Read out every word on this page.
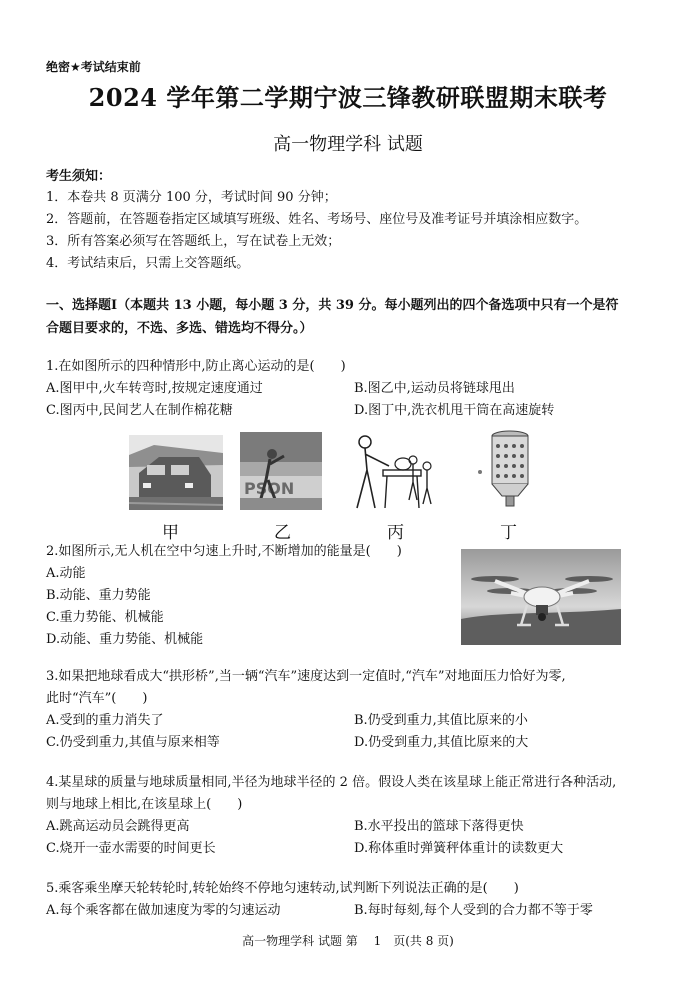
绝密★考试结束前
2024 学年第二学期宁波三锋教研联盟期末联考
高一物理学科 试题
考生须知：
1．本卷共 8 页满分 100 分，考试时间 90 分钟；
2．答题前，在答题卷指定区域填写班级、姓名、考场号、座位号及准考证号并填涂相应数字。
3．所有答案必须写在答题纸上，写在试卷上无效；
4．考试结束后，只需上交答题纸。
一、选择题Ⅰ（本题共 13 小题，每小题 3 分，共 39 分。每小题列出的四个备选项中只有一个是符
合题目要求的，不选、多选、错选均不得分。）
1.在如图所示的四种情形中,防止离心运动的是(　　)
A.图甲中,火车转弯时,按规定速度通过	B.图乙中,运动员将链球甩出
C.图丙中,民间艺人在制作棉花糖	D.图丁中,洗衣机甩干筒在高速旋转
PSON
甲	乙	丙	丁
2.如图所示,无人机在空中匀速上升时,不断增加的能量是(　　)
A.动能
B.动能、重力势能
C.重力势能、机械能
D.动能、重力势能、机械能
3.如果把地球看成大“拱形桥”,当一辆“汽车”速度达到一定值时,“汽车”对地面压力恰好为零,
此时“汽车”(　　)
A.受到的重力消失了	B.仍受到重力,其值比原来的小
C.仍受到重力,其值与原来相等	D.仍受到重力,其值比原来的大
4.某星球的质量与地球质量相同,半径为地球半径的 2 倍。假设人类在该星球上能正常进行各种活动,
则与地球上相比,在该星球上(　　)
A.跳高运动员会跳得更高	B.水平投出的篮球下落得更快
C.烧开一壶水需要的时间更长	D.称体重时弹簧秤体重计的读数更大
5.乘客乘坐摩天轮转轮时,转轮始终不停地匀速转动,试判断下列说法正确的是(　　)
A.每个乘客都在做加速度为零的匀速运动	B.每时每刻,每个人受到的合力都不等于零
高一物理学科 试题 第　 1　页(共 8 页)
